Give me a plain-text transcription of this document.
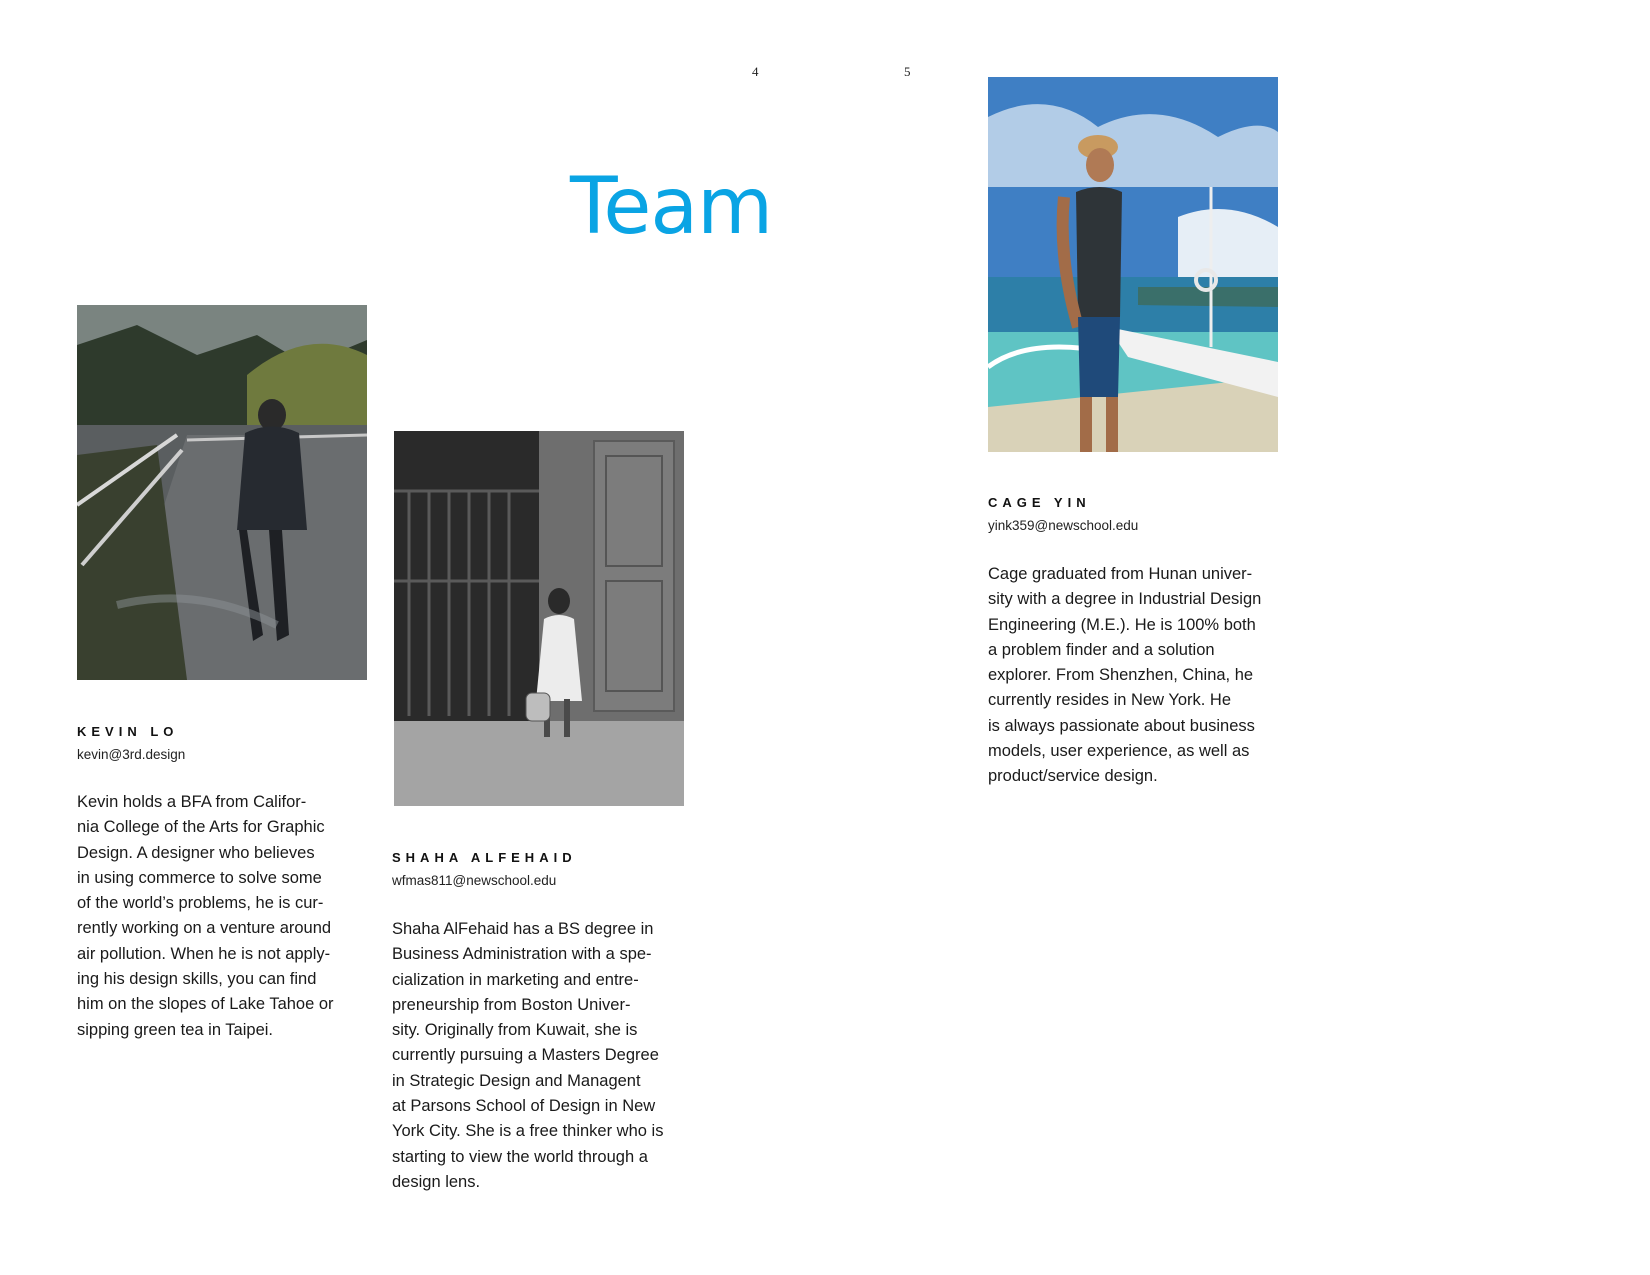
4	5
Team
KEVIN LO
kevin@3rd.design

Kevin holds a BFA from Califor-
nia College of the Arts for Graphic
Design. A designer who believes
in using commerce to solve some
of the world’s problems, he is cur-
rently working on a venture around
air pollution. When he is not apply-
ing his design skills, you can find
him on the slopes of Lake Tahoe or
sipping green tea in Taipei.

SHAHA ALFEHAID
wfmas811@newschool.edu

Shaha AlFehaid has a BS degree in
Business Administration with a spe-
cialization in marketing and entre-
preneurship from Boston Univer-
sity. Originally from Kuwait, she is
currently pursuing a Masters Degree
in Strategic Design and Managent
at Parsons School of Design in New
York City. She is a free thinker who is
starting to view the world through a
design lens.

CAGE YIN
yink359@newschool.edu

Cage graduated from Hunan univer-
sity with a degree in Industrial Design
Engineering (M.E.). He is 100% both
a problem finder and a solution
explorer. From Shenzhen, China, he
currently resides in New York. He
is always passionate about business
models, user experience, as well as
product/service design.
